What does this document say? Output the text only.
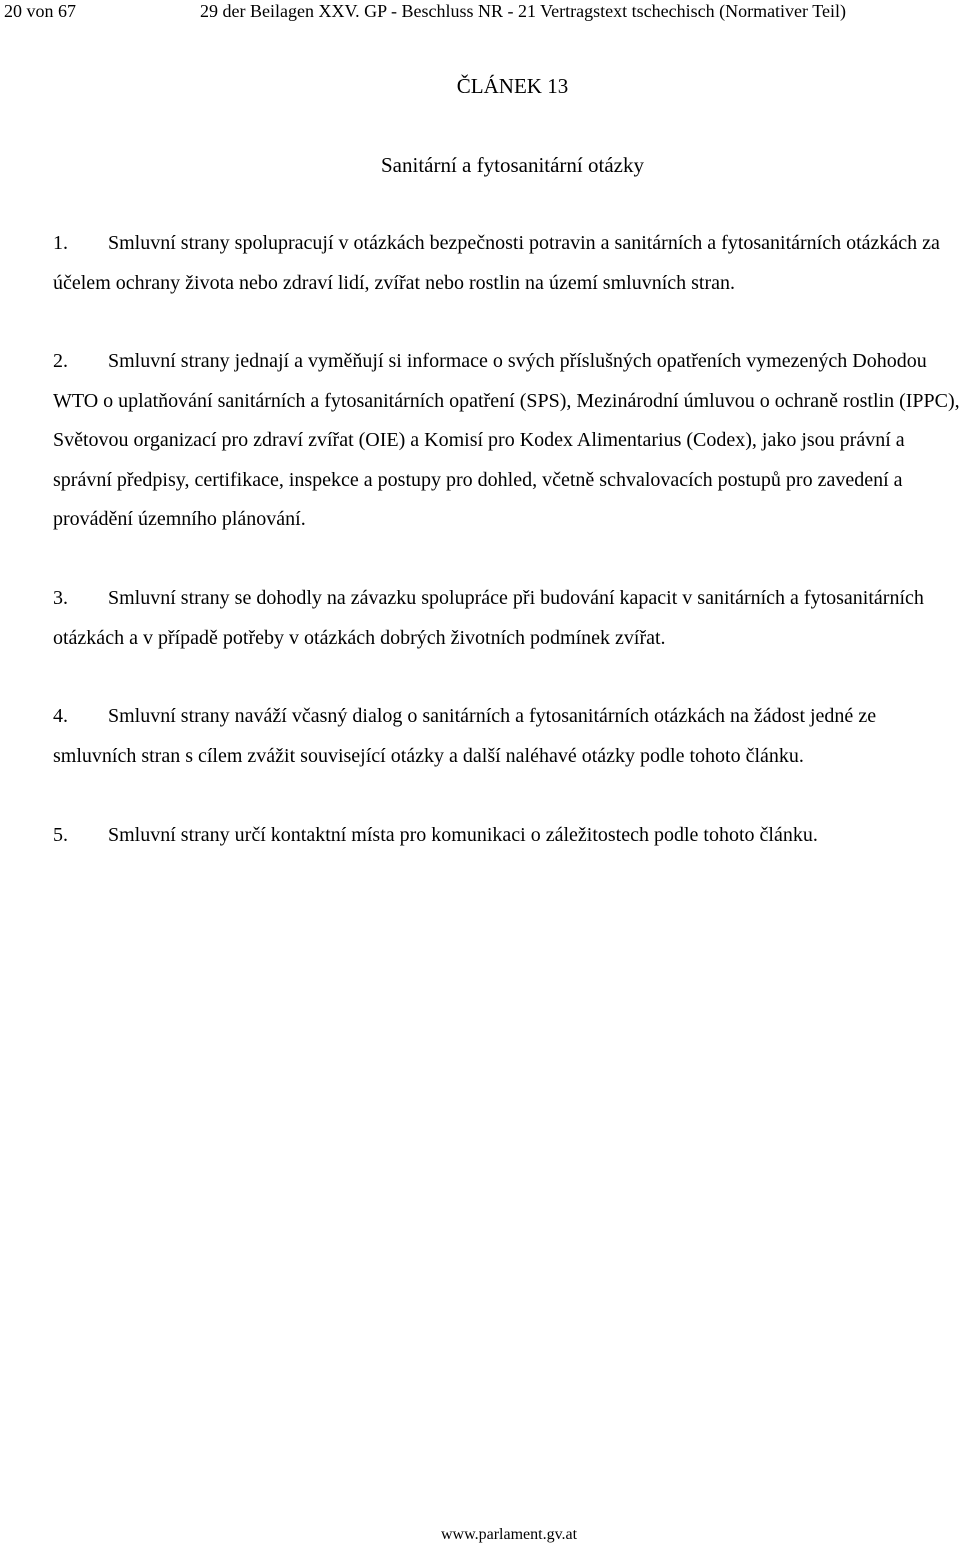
20 von 67	29 der Beilagen XXV. GP - Beschluss NR - 21 Vertragstext tschechisch (Normativer Teil)
ČLÁNEK 13
Sanitární a fytosanitární otázky
1. Smluvní strany spolupracují v otázkách bezpečnosti potravin a sanitárních a fytosanitárních otázkách za účelem ochrany života nebo zdraví lidí, zvířat nebo rostlin na území smluvních stran.
2. Smluvní strany jednají a vyměňují si informace o svých příslušných opatřeních vymezených Dohodou WTO o uplatňování sanitárních a fytosanitárních opatření (SPS), Mezinárodní úmluvou o ochraně rostlin (IPPC), Světovou organizací pro zdraví zvířat (OIE) a Komisí pro Kodex Alimentarius (Codex), jako jsou právní a správní předpisy, certifikace, inspekce a postupy pro dohled, včetně schvalovacích postupů pro zavedení a provádění územního plánování.
3. Smluvní strany se dohodly na závazku spolupráce při budování kapacit v sanitárních a fytosanitárních otázkách a v případě potřeby v otázkách dobrých životních podmínek zvířat.
4. Smluvní strany naváží včasný dialog o sanitárních a fytosanitárních otázkách na žádost jedné ze smluvních stran s cílem zvážit související otázky a další naléhavé otázky podle tohoto článku.
5. Smluvní strany určí kontaktní místa pro komunikaci o záležitostech podle tohoto článku.
www.parlament.gv.at
